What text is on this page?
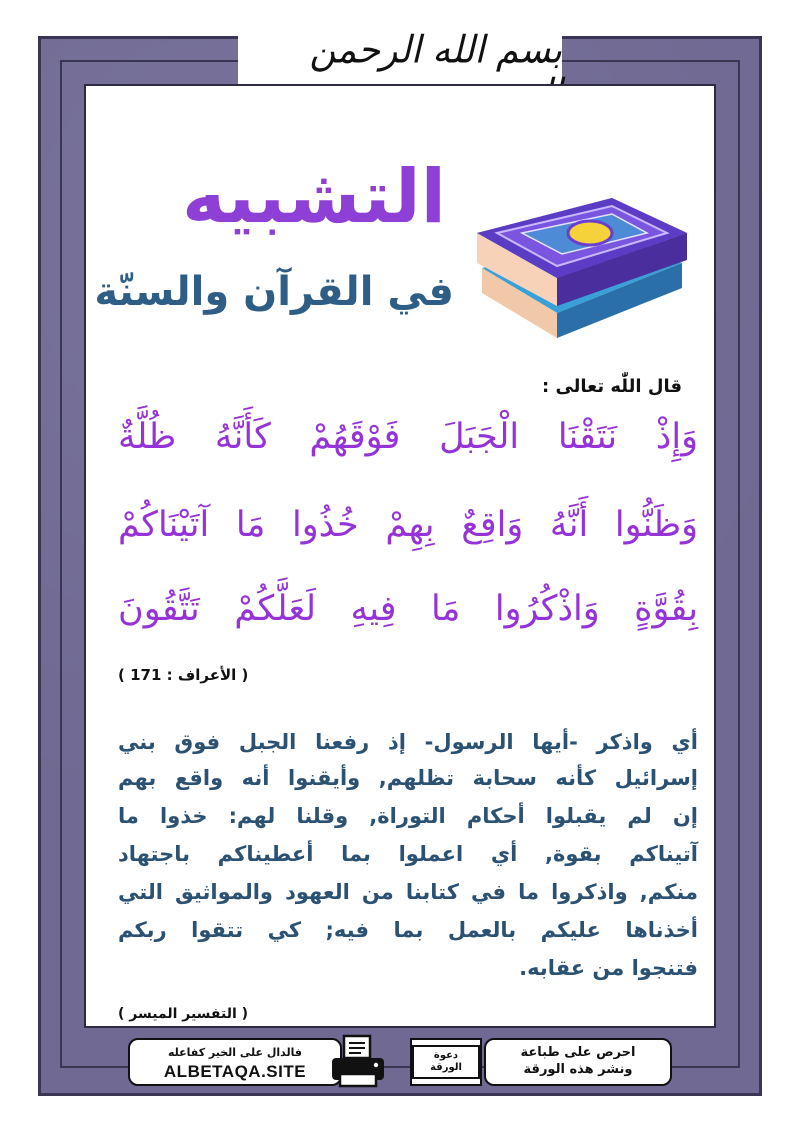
بسم الله الرحمن
التشبيه
في القرآن والسنّة
قال اللّٰه تعالى :
وَإِذْ نَتَقْنَا الْجَبَلَ فَوْقَهُمْ كَأَنَّهُ ظُلَّةٌ
وَظَنُّوا أَنَّهُ وَاقِعٌ بِهِمْ خُذُوا مَا آتَيْنَاكُمْ
بِقُوَّةٍ وَاذْكُرُوا مَا فِيهِ لَعَلَّكُمْ تَتَّقُونَ
( الأعراف : 171 )
أي واذكر -أيها الرسول- إذ رفعنا الجبل فوق بني
إسرائيل كأنه سحابة تظلهم, وأيقنوا أنه واقع بهم
إن لم يقبلوا أحكام التوراة, وقلنا لهم: خذوا ما
آتيناكم بقوة, أي اعملوا بما أعطيناكم باجتهاد
منكم, واذكروا ما في كتابنا من العهود والمواثيق التي
أخذناها عليكم بالعمل بما فيه; كي تتقوا ربكم
فتنجوا من عقابه.
( التفسير الميسر )
فالدال على الخير كفاعله
ALBETAQA.SITE
دعوة الورقة
احرص على طباعة
ونشر هذه الورقة
